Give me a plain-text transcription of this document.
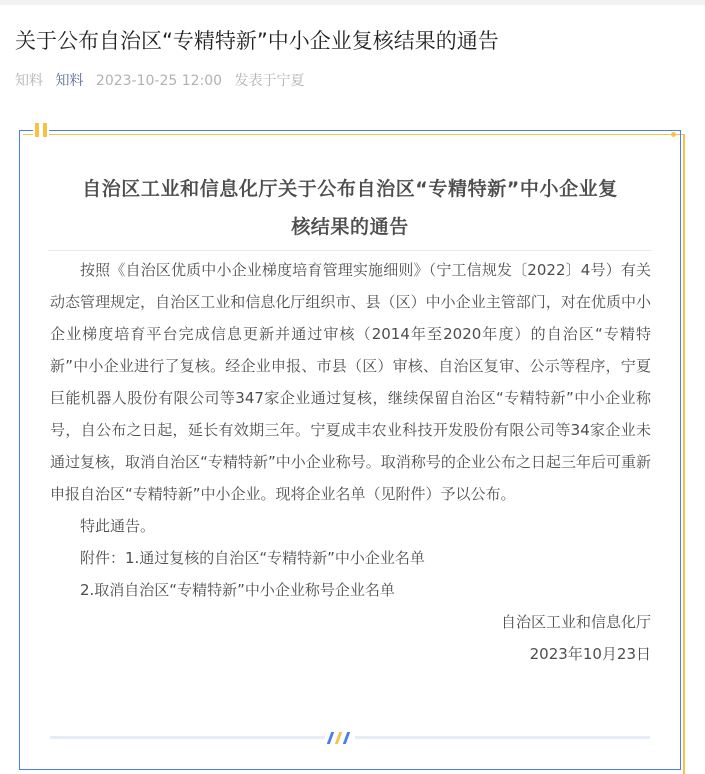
关于公布自治区“专精特新”中小企业复核结果的通告
知料 知料 2023-10-25 12:00 发表于宁夏
自治区工业和信息化厅关于公布自治区“专精特新”中小企业复
核结果的通告

按照《自治区优质中小企业梯度培育管理实施细则》（宁工信规发〔2022〕4号）有关动态管理规定，自治区工业和信息化厅组织市、县（区）中小企业主管部门，对在优质中小企业梯度培育平台完成信息更新并通过审核（2014年至2020年度）的自治区“专精特新”中小企业进行了复核。经企业申报、市县（区）审核、自治区复审、公示等程序，宁夏巨能机器人股份有限公司等347家企业通过复核，继续保留自治区“专精特新”中小企业称号，自公布之日起，延长有效期三年。宁夏成丰农业科技开发股份有限公司等34家企业未通过复核，取消自治区“专精特新”中小企业称号。取消称号的企业公布之日起三年后可重新申报自治区“专精特新”中小企业。现将企业名单（见附件）予以公布。

特此通告。

附件：1.通过复核的自治区“专精特新”中小企业名单

2.取消自治区“专精特新”中小企业称号企业名单

自治区工业和信息化厅

2023年10月23日
